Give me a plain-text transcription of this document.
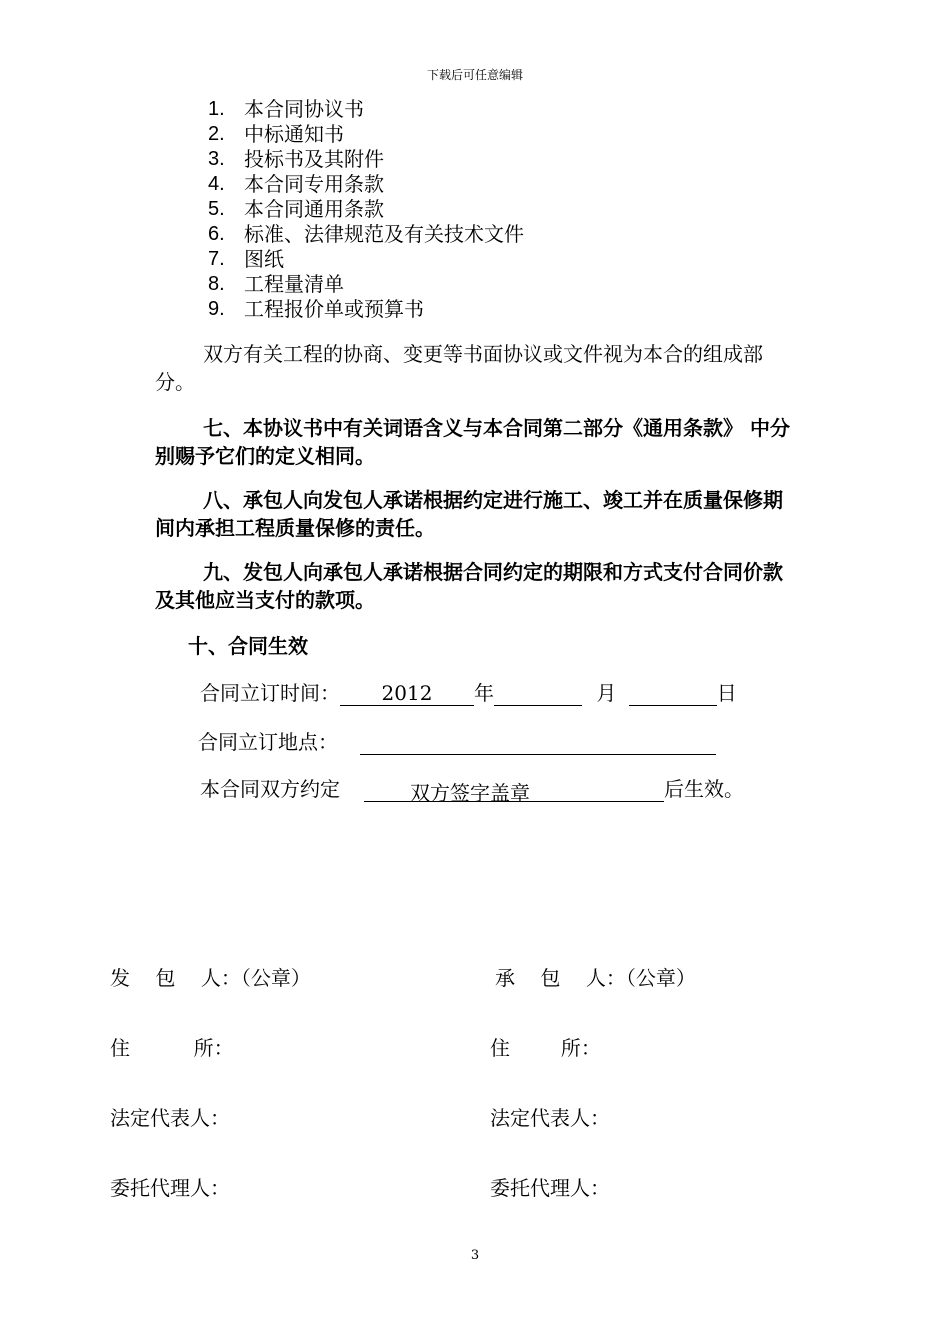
下载后可任意编辑
1. 本合同协议书
2. 中标通知书
3. 投标书及其附件
4. 本合同专用条款
5. 本合同通用条款
6. 标准、法律规范及有关技术文件
7. 图纸
8. 工程量清单
9. 工程报价单或预算书
双方有关工程的协商、变更等书面协议或文件视为本合的组成部分。
七、本协议书中有关词语含义与本合同第二部分《通用条款》 中分别赐予它们的定义相同。
八、承包人向发包人承诺根据约定进行施工、竣工并在质量保修期间内承担工程质量保修的责任。
九、发包人向承包人承诺根据合同约定的期限和方式支付合同价款及其他应当支付的款项。
十、合同生效
合同立订时间： 2012 年	月	日
合同立订地点：
本合同双方约定	双方签字盖章	后生效。
发    包    人：（公章）	承    包    人：（公章）
住          所：	住        所：
法定代表人：	法定代表人：
委托代理人：	委托代理人：
3
